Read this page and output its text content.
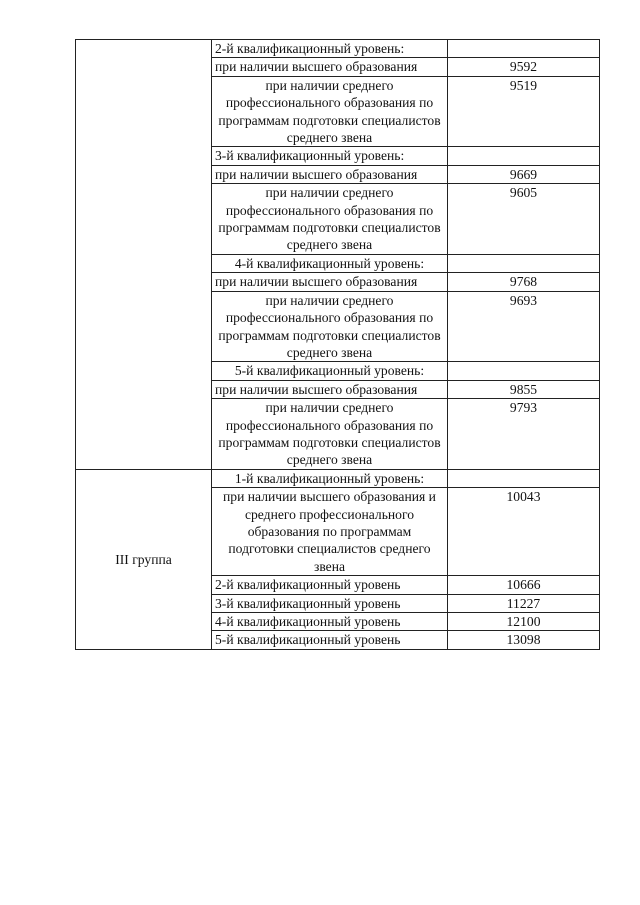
	2-й квалификационный уровень:	
	при наличии высшего образования	9592
	при наличии среднего профессионального образования по программам подготовки специалистов среднего звена	9519
	3-й квалификационный уровень:	
	при наличии высшего образования	9669
	при наличии среднего профессионального образования по программам подготовки специалистов среднего звена	9605
	4-й квалификационный уровень:	
	при наличии высшего образования	9768
	при наличии среднего профессионального образования по программам подготовки специалистов среднего звена	9693
	5-й квалификационный уровень:	
	при наличии высшего образования	9855
	при наличии среднего профессионального образования по программам подготовки специалистов среднего звена	9793
III группа	1-й квалификационный уровень:	
	при наличии высшего образования и среднего профессионального образования по программам подготовки специалистов среднего звена	10043
	2-й квалификационный уровень	10666
	3-й квалификационный уровень	11227
	4-й квалификационный уровень	12100
	5-й квалификационный уровень	13098
